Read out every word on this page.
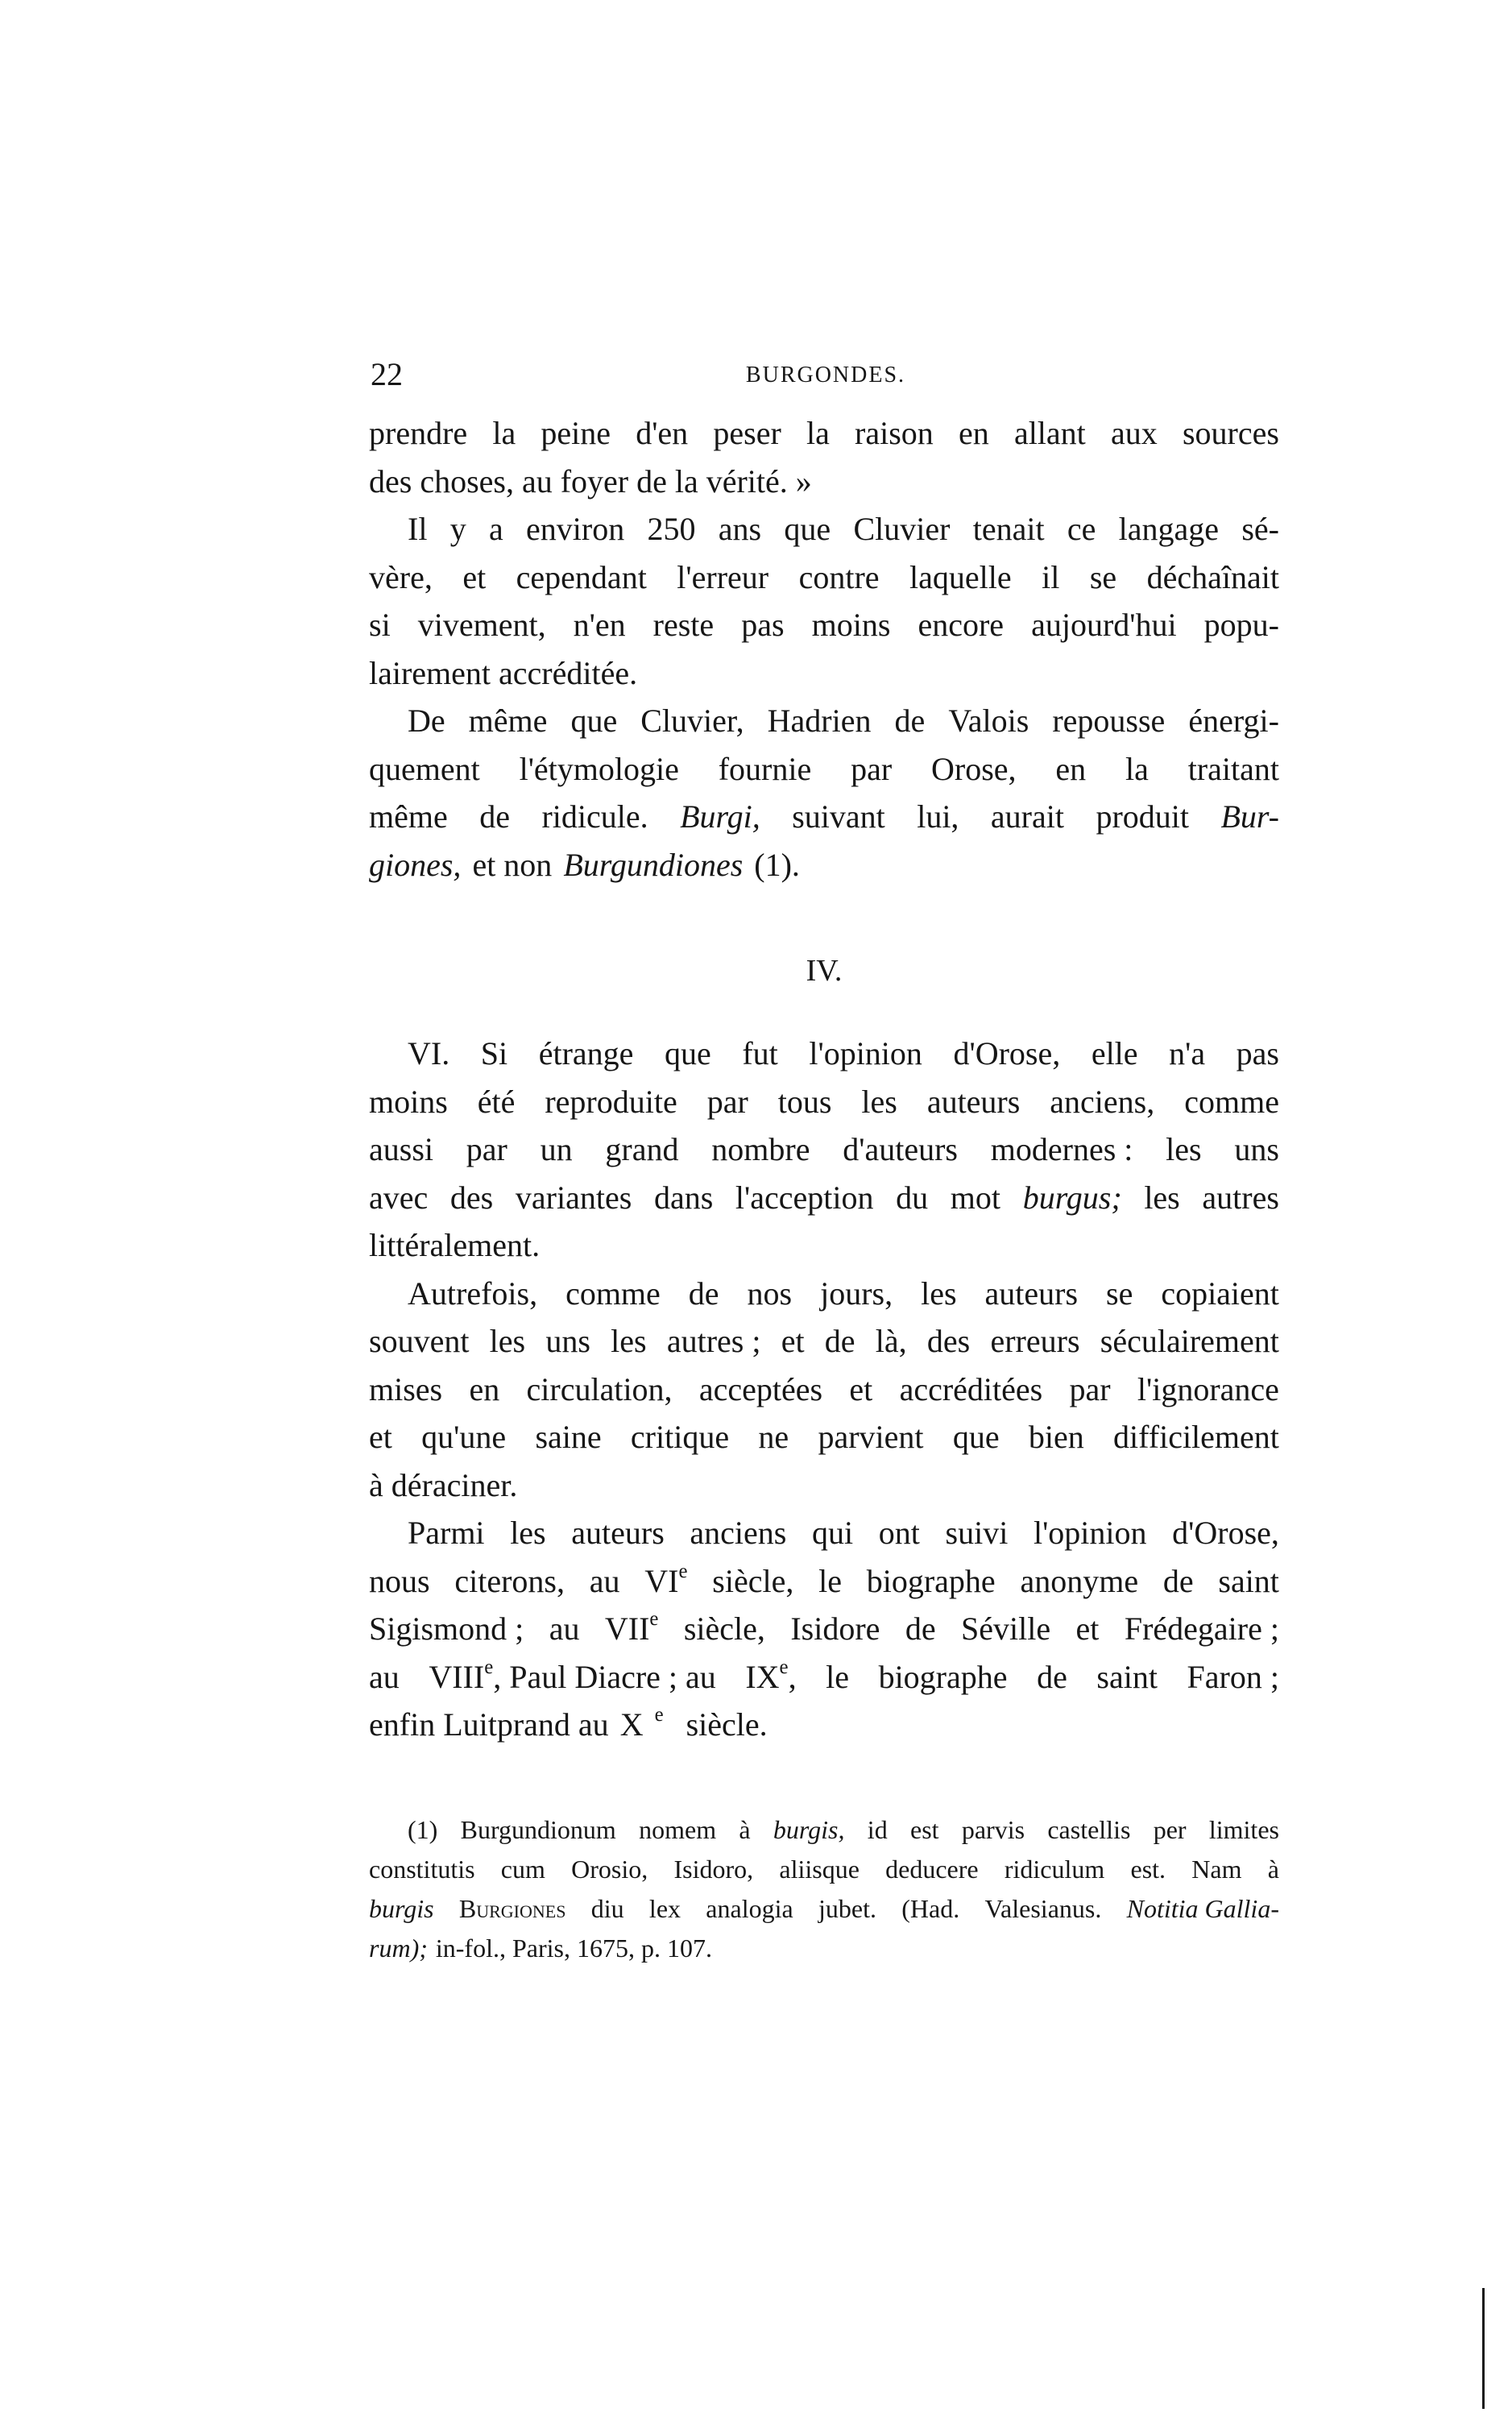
22	BURGONDES.
prendre la peine d'en peser la raison en allant aux sources
des choses, au foyer de la vérité. »
Il y a environ 250 ans que Cluvier tenait ce langage sé-
vère, et cependant l'erreur contre laquelle il se déchaînait
si vivement, n'en reste pas moins encore aujourd'hui popu-
lairement accréditée.
De même que Cluvier, Hadrien de Valois repousse énergi-
quement l'étymologie fournie par Orose, en la traitant
même de ridicule. Burgi, suivant lui, aurait produit Bur-
giones, et non Burgundiones (1).
IV.
VI. Si étrange que fut l'opinion d'Orose, elle n'a pas
moins été reproduite par tous les auteurs anciens, comme
aussi par un grand nombre d'auteurs modernes : les uns
avec des variantes dans l'acception du mot burgus; les autres
littéralement.
Autrefois, comme de nos jours, les auteurs se copiaient
souvent les uns les autres ; et de là, des erreurs séculairement
mises en circulation, acceptées et accréditées par l'ignorance
et qu'une saine critique ne parvient que bien difficilement
à déraciner.
Parmi les auteurs anciens qui ont suivi l'opinion d'Orose,
nous citerons, au VIe siècle, le biographe anonyme de saint
Sigismond ; au VIIe siècle, Isidore de Séville et Frédegaire ;
au VIIIe, Paul Diacre ; au IXe, le biographe de saint Faron ;
enfin Luitprand au X $^e$ siècle.
(1) Burgundionum nomem à burgis, id est parvis castellis per limites
constitutis cum Orosio, Isidoro, aliisque deducere ridiculum est. Nam à
burgis Burgiones diu lex analogia jubet. (Had. Valesianus. Notitia Gallia-
rum); in-fol., Paris, 1675, p. 107.
